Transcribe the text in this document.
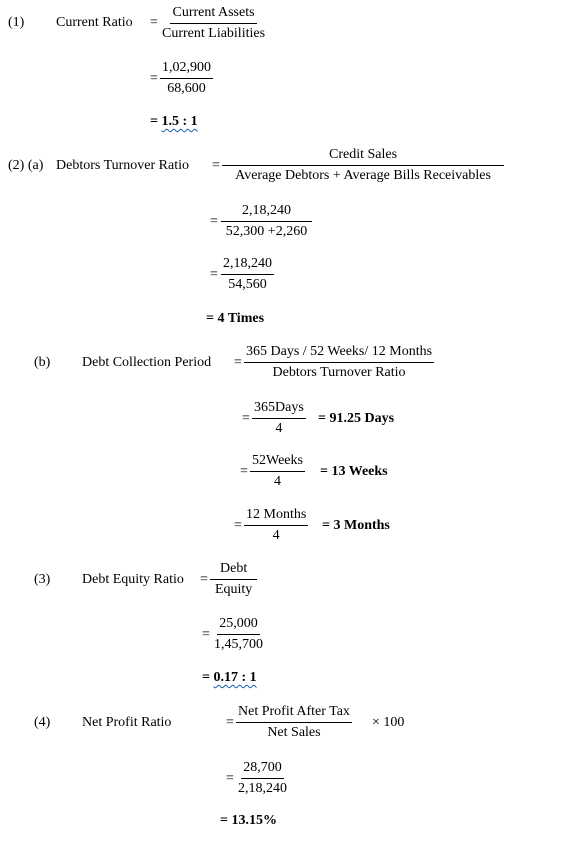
(1) Current Ratio =
Current Assets
Current Liabilities
= $\frac{1,02,900}{68,600}$
= 1.5 : 1
(2) (a) Debtors Turnover Ratio =
Credit Sales
Average Debtors + Average Bills Receivables
= $\frac{2,18,240}{52,300 +2,260}$
= $\frac{2,18,240}{54,560}$
= 4 Times
(b) Debt Collection Period =
365 Days / 52 Weeks/ 12 Months
Debtors Turnover Ratio
=
365Days
4
= 91.25 Days
=
52Weeks
4
= 13 Weeks
=
12 Months
4
= 3 Months
(3) Debt Equity Ratio =
Debt
Equity
= $\frac{25,000}{1,45,700}$
= 0.17 : 1
(4) Net Profit Ratio	=
Net Profit After Tax
Net Sales
× 100
= $\frac{28,700}{2,18,240}$
= 13.15%
